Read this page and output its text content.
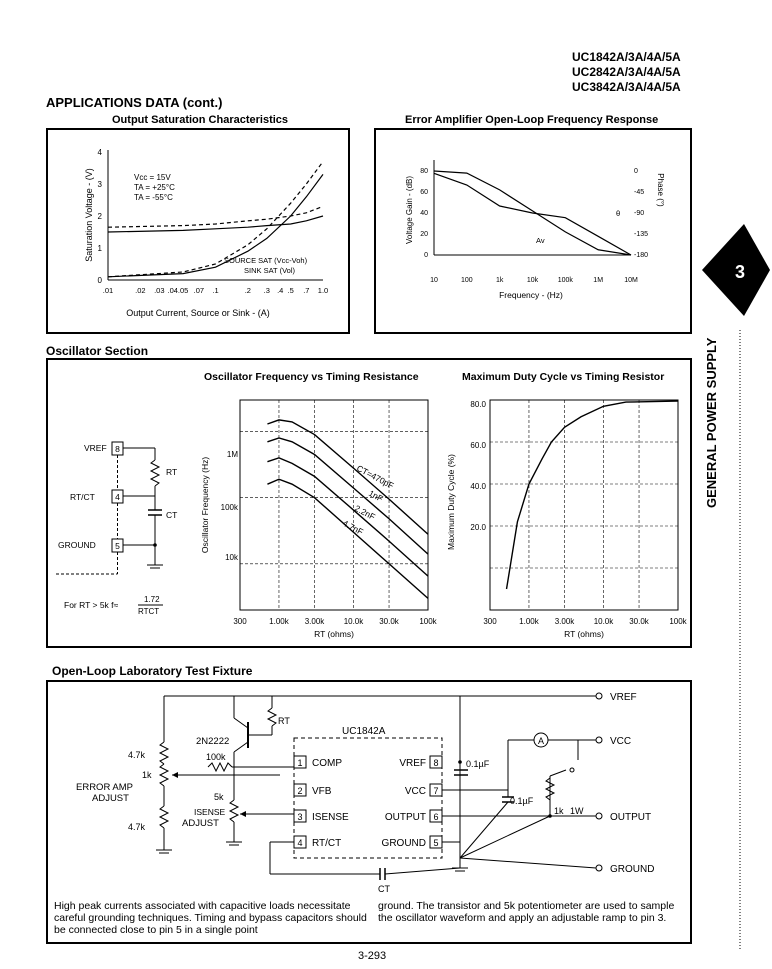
UC1842A/3A/4A/5A
UC2842A/3A/4A/5A
UC3842A/3A/4A/5A
APPLICATIONS DATA (cont.)
3
GENERAL POWER SUPPLY
Output Saturation Characteristics
0
1
2
3
4
.01	.02 .03 .04 .05 .07 .1	.2 .3 .4 .5 .7 1.0
Vcc = 15V
TA = +25°C
TA = -55°C
SOURCE SAT (Vcc-Voh)
SINK SAT (Vol)
Output Current, Source or Sink - (A)
Saturation Voltage - (V)
Error Amplifier Open-Loop Frequency Response
0
20
40
60
80	0
-45
-90
-135
-180
10	100	1k	10k	100k	1M	10M
Av
θ
Frequency - (Hz)
Voltage Gain - (dB)	Phase (°)
Oscillator Section
VREF 8
RT/CT 4
GROUND 5
RT
CT
For RT > 5k f≈
1.72
RTCT
Oscillator Frequency vs Timing Resistance
300	1.00k 3.00k 10.0k 30.0k	100k
10k
100k
1M
Oscillator Frequency (Hz)
RT (ohms)
CT=470pF
1nF
2.2nF
4.7nF
Maximum Duty Cycle vs Timing Resistor
300	1.00k 3.00k 10.0k 30.0k	100k
20.0
40.0
60.0
80.0
Maximum Duty Cycle (%)
RT (ohms)
Open-Loop Laboratory Test Fixture
VREF
4.7k
1k
ERROR AMP
ADJUST
4.7k
RT
2N2222
100k
5k
ISENSE
ADJUST
UC1842A
1 COMP
2 VFB
3 ISENSE
4 RT/CT
8
VREF
7
VCC
6
OUTPUT
5
GROUND
0.1µF
A	VCC
0.1µF
OUTPUT
1k 1W
GROUND
CT
High peak currents associated with capacitive loads necessitate careful grounding techniques. Timing and bypass capacitors should be connected close to pin 5 in a single point
ground. The transistor and 5k potentiometer are used to sample the oscillator waveform and apply an adjustable ramp to pin 3.
3-293
